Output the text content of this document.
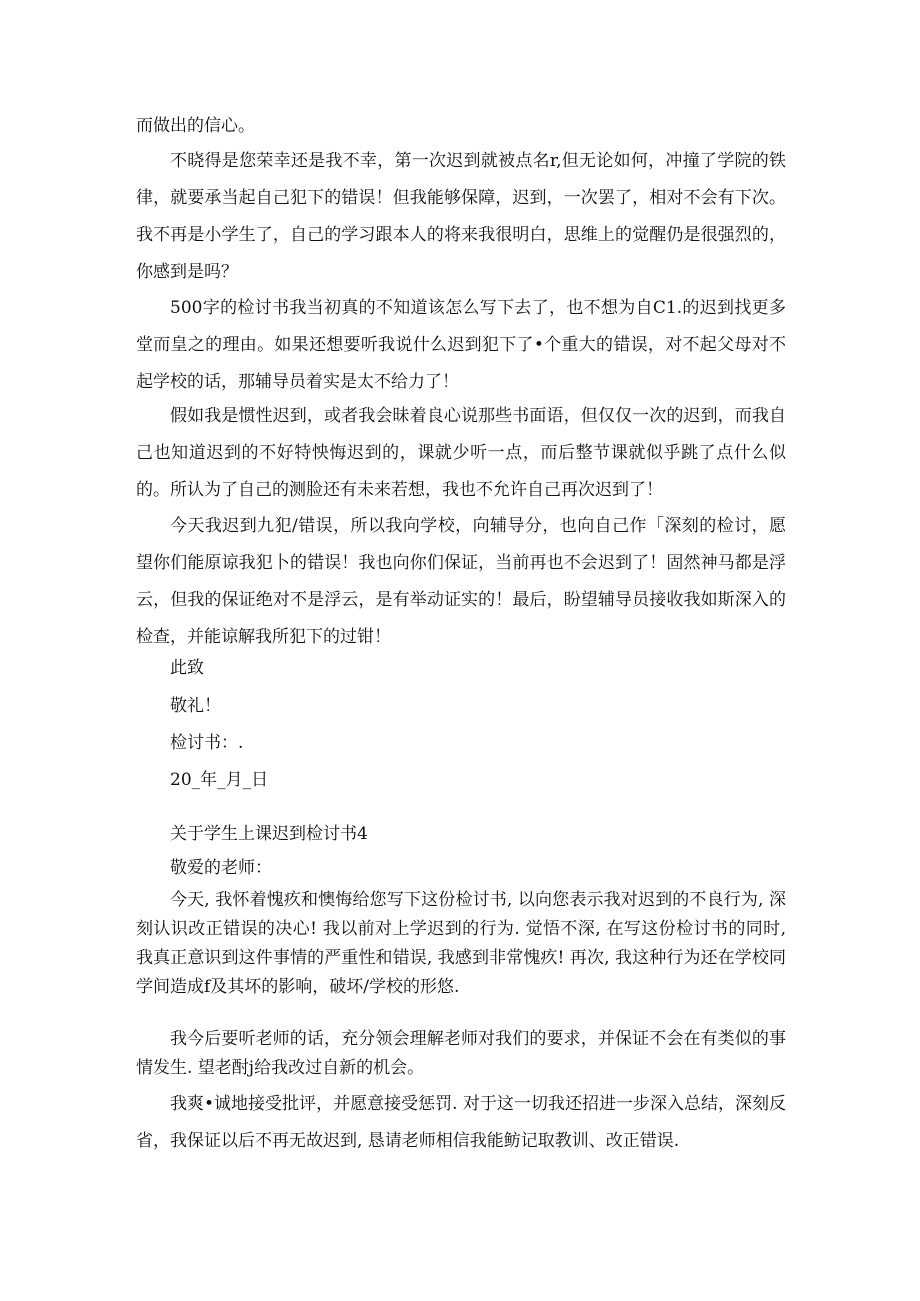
而做出的信心。
不晓得是您荣幸还是我不幸，第一次迟到就被点名r,但无论如何，冲撞了学院的铁律，就要承当起自己犯下的错误！但我能够保障，迟到，一次罢了，相对不会有下次。我不再是小学生了，自己的学习跟本人的将来我很明白，思维上的觉醒仍是很强烈的，你感到是吗？
500字的检讨书我当初真的不知道该怎么写下去了，也不想为自C1.的迟到找更多堂而皇之的理由。如果还想要听我说什么迟到犯下了•个重大的错误，对不起父母对不起学校的话，那辅导员着实是太不给力了！
假如我是惯性迟到，或者我会昧着良心说那些书面语，但仅仅一次的迟到，而我自己也知道迟到的不好特怏悔迟到的，课就少听一点，而后整节课就似乎跳了点什么似的。所认为了自己的测脸还有未来若想，我也不允许自己再次迟到了！
今天我迟到九犯/错误，所以我向学校，向辅导分，也向自己作「深刻的检讨，愿望你们能原谅我犯卜的错误！我也向你们保证，当前再也不会迟到了！固然神马都是浮云，但我的保证绝对不是浮云，是有举动证实的！最后，盼望辅导员接收我如斯深入的检查，并能谅解我所犯下的过钳！
此致
敬礼！
检讨书：.
20_年_月_日
关于学生上课迟到检讨书4
敬爱的老师：
今天, 我怀着愧疚和懊悔给您写下这份检讨书, 以向您表示我对迟到的不良行为, 深刻认识改正错误的决心! 我以前对上学迟到的行为. 觉悟不深, 在写这份检讨书的同时, 我真正意识到这件事情的严重性和错误, 我感到非常愧疚! 再次, 我这种行为还在学校同学间造成f及其坏的影响，破坏/学校的形悠.
我今后要听老师的话，充分领会理解老师对我们的要求，并保证不会在有类似的事情发生. 望老酎j给我改过自新的机会。
我爽•诚地接受批评，并愿意接受惩罚. 对于这一切我还招进一步深入总结，深刻反省，我保证以后不再无故迟到, 恳请老师相信我能鲂记取教训、改正错误.
